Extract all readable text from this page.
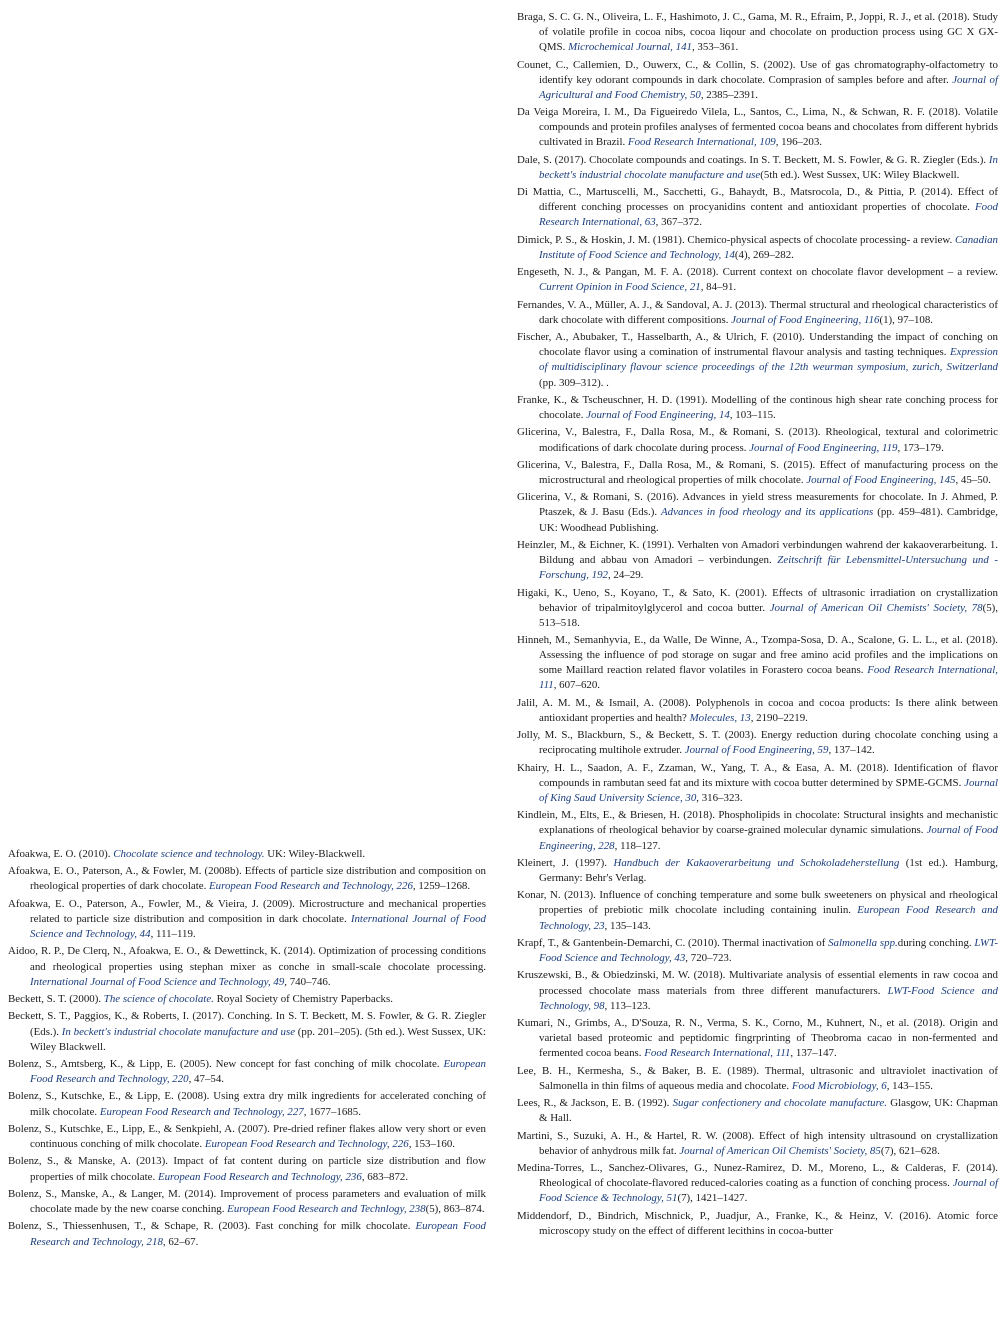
Afoakwa, E. O. (2010). Chocolate science and technology. UK: Wiley-Blackwell.

Afoakwa, E. O., Paterson, A., & Fowler, M. (2008b). Effects of particle size distribution and composition on rheological properties of dark chocolate. European Food Research and Technology, 226, 1259–1268.

Afoakwa, E. O., Paterson, A., Fowler, M., & Vieira, J. (2009). Microstructure and mechanical properties related to particle size distribution and composition in dark chocolate. International Journal of Food Science and Technology, 44, 111–119.

Aidoo, R. P., De Clerq, N., Afoakwa, E. O., & Dewettinck, K. (2014). Optimization of processing conditions and rheological properties using stephan mixer as conche in small-scale chocolate processing. International Journal of Food Science and Technology, 49, 740–746.

Beckett, S. T. (2000). The science of chocolate. Royal Society of Chemistry Paperbacks.

Beckett, S. T., Paggios, K., & Roberts, I. (2017). Conching. In S. T. Beckett, M. S. Fowler, & G. R. Ziegler (Eds.). In beckett's industrial chocolate manufacture and use (pp. 201–205). (5th ed.). West Sussex, UK: Wiley Blackwell.

Bolenz, S., Amtsberg, K., & Lipp, E. (2005). New concept for fast conching of milk chocolate. European Food Research and Technology, 220, 47–54.

Bolenz, S., Kutschke, E., & Lipp, E. (2008). Using extra dry milk ingredients for accelerated conching of milk chocolate. European Food Research and Technology, 227, 1677–1685.

Bolenz, S., Kutschke, E., Lipp, E., & Senkpiehl, A. (2007). Pre-dried refiner flakes allow very short or even continuous conching of milk chocolate. European Food Research and Technology, 226, 153–160.

Bolenz, S., & Manske, A. (2013). Impact of fat content during on particle size distribution and flow properties of milk chocolate. European Food Research and Technology, 236, 683–872.

Bolenz, S., Manske, A., & Langer, M. (2014). Improvement of process parameters and evaluation of milk chocolate made by the new coarse conching. European Food Research and Technlogy, 238(5), 863–874.

Bolenz, S., Thiessenhusen, T., & Schape, R. (2003). Fast conching for milk chocolate. European Food Research and Technology, 218, 62–67.

Braga, S. C. G. N., Oliveira, L. F., Hashimoto, J. C., Gama, M. R., Efraim, P., Joppi, R. J., et al. (2018). Study of volatile profile in cocoa nibs, cocoa liqour and chocolate on production process using GC X GX-QMS. Microchemical Journal, 141, 353–361.

Counet, C., Callemien, D., Ouwerx, C., & Collin, S. (2002). Use of gas chromatography-olfactometry to identify key odorant compounds in dark chocolate. Comprasion of samples before and after. Journal of Agricultural and Food Chemistry, 50, 2385–2391.

Da Veiga Moreira, I. M., Da Figueiredo Vilela, L., Santos, C., Lima, N., & Schwan, R. F. (2018). Volatile compounds and protein profiles analyses of fermented cocoa beans and chocolates from different hybrids cultivated in Brazil. Food Research International, 109, 196–203.

Dale, S. (2017). Chocolate compounds and coatings. In S. T. Beckett, M. S. Fowler, & G. R. Ziegler (Eds.). In beckett's industrial chocolate manufacture and use(5th ed.). West Sussex, UK: Wiley Blackwell.

Di Mattia, C., Martuscelli, M., Sacchetti, G., Bahaydt, B., Matsrocola, D., & Pittia, P. (2014). Effect of different conching processes on procyanidins content and antioxidant properties of chocolate. Food Research International, 63, 367–372.

Dimick, P. S., & Hoskin, J. M. (1981). Chemico-physical aspects of chocolate processing- a review. Canadian Institute of Food Science and Technology, 14(4), 269–282.

Engeseth, N. J., & Pangan, M. F. A. (2018). Current context on chocolate flavor development – a review. Current Opinion in Food Science, 21, 84–91.

Fernandes, V. A., Müller, A. J., & Sandoval, A. J. (2013). Thermal structural and rheological characteristics of dark chocolate with different compositions. Journal of Food Engineering, 116(1), 97–108.

Fischer, A., Abubaker, T., Hasselbarth, A., & Ulrich, F. (2010). Understanding the impact of conching on chocolate flavor using a comination of instrumental flavour analysis and tasting techniques. Expression of multidisciplinary flavour science proceedings of the 12th weurman symposium, zurich, Switzerland (pp. 309–312). .

Franke, K., & Tscheuschner, H. D. (1991). Modelling of the continous high shear rate conching process for chocolate. Journal of Food Engineering, 14, 103–115.

Glicerina, V., Balestra, F., Dalla Rosa, M., & Romani, S. (2013). Rheological, textural and colorimetric modifications of dark chocolate during process. Journal of Food Engineering, 119, 173–179.

Glicerina, V., Balestra, F., Dalla Rosa, M., & Romani, S. (2015). Effect of manufacturing process on the microstructural and rheological properties of milk chocolate. Journal of Food Engineering, 145, 45–50.

Glicerina, V., & Romani, S. (2016). Advances in yield stress measurements for chocolate. In J. Ahmed, P. Ptaszek, & J. Basu (Eds.). Advances in food rheology and its applications (pp. 459–481). Cambridge, UK: Woodhead Publishing.

Heinzler, M., & Eichner, K. (1991). Verhalten von Amadori verbindungen wahrend der kakaoverarbeitung. 1. Bildung and abbau von Amadori – verbindungen. Zeitschrift für Lebensmittel-Untersuchung und -Forschung, 192, 24–29.

Higaki, K., Ueno, S., Koyano, T., & Sato, K. (2001). Effects of ultrasonic irradiation on crystallization behavior of tripalmitoylglycerol and cocoa butter. Journal of American Oil Chemists' Society, 78(5), 513–518.

Hinneh, M., Semanhyvia, E., da Walle, De Winne, A., Tzompa-Sosa, D. A., Scalone, G. L. L., et al. (2018). Assessing the influence of pod storage on sugar and free amino acid profiles and the implications on some Maillard reaction related flavor volatiles in Forastero cocoa beans. Food Research International, 111, 607–620.

Jalil, A. M. M., & Ismail, A. (2008). Polyphenols in cocoa and cocoa products: Is there alink between antioxidant properties and health? Molecules, 13, 2190–2219.

Jolly, M. S., Blackburn, S., & Beckett, S. T. (2003). Energy reduction during chocolate conching using a reciprocating multihole extruder. Journal of Food Engineering, 59, 137–142.

Khairy, H. L., Saadon, A. F., Zzaman, W., Yang, T. A., & Easa, A. M. (2018). Identification of flavor compounds in rambutan seed fat and its mixture with cocoa butter determined by SPME-GCMS. Journal of King Saud University Science, 30, 316–323.

Kindlein, M., Elts, E., & Briesen, H. (2018). Phospholipids in chocolate: Structural insights and mechanistic explanations of rheological behavior by coarse-grained molecular dynamic simulations. Journal of Food Engineering, 228, 118–127.

Kleinert, J. (1997). Handbuch der Kakaoverarbeitung und Schokoladeherstellung (1st ed.). Hamburg, Germany: Behr's Verlag.

Konar, N. (2013). Influence of conching temperature and some bulk sweeteners on physical and rheological properties of prebiotic milk chocolate including containing inulin. European Food Research and Technology, 23, 135–143.

Krapf, T., & Gantenbein-Demarchi, C. (2010). Thermal inactivation of Salmonella spp.during conching. LWT- Food Science and Technology, 43, 720–723.

Kruszewski, B., & Obiedzinski, M. W. (2018). Multivariate analysis of essential elements in raw cocoa and processed chocolate mass materials from three different manufacturers. LWT-Food Science and Technology, 98, 113–123.

Kumari, N., Grimbs, A., D'Souza, R. N., Verma, S. K., Corno, M., Kuhnert, N., et al. (2018). Origin and varietal based proteomic and peptidomic fingrprinting of Theobroma cacao in non-fermented and fermented cocoa beans. Food Research International, 111, 137–147.

Lee, B. H., Kermesha, S., & Baker, B. E. (1989). Thermal, ultrasonic and ultraviolet inactivation of Salmonella in thin films of aqueous media and chocolate. Food Microbiology, 6, 143–155.

Lees, R., & Jackson, E. B. (1992). Sugar confectionery and chocolate manufacture. Glasgow, UK: Chapman & Hall.

Martini, S., Suzuki, A. H., & Hartel, R. W. (2008). Effect of high intensity ultrasound on crystallization behavior of anhydrous milk fat. Journal of American Oil Chemists' Society, 85(7), 621–628.

Medina-Torres, L., Sanchez-Olivares, G., Nunez-Ramirez, D. M., Moreno, L., & Calderas, F. (2014). Rheological of chocolate-flavored reduced-calories coating as a function of conching process. Journal of Food Science & Technology, 51(7), 1421–1427.

Middendorf, D., Bindrich, Mischnick, P., Juadjur, A., Franke, K., & Heinz, V. (2016). Atomic force microscopy study on the effect of different lecithins in cocoa-butter
